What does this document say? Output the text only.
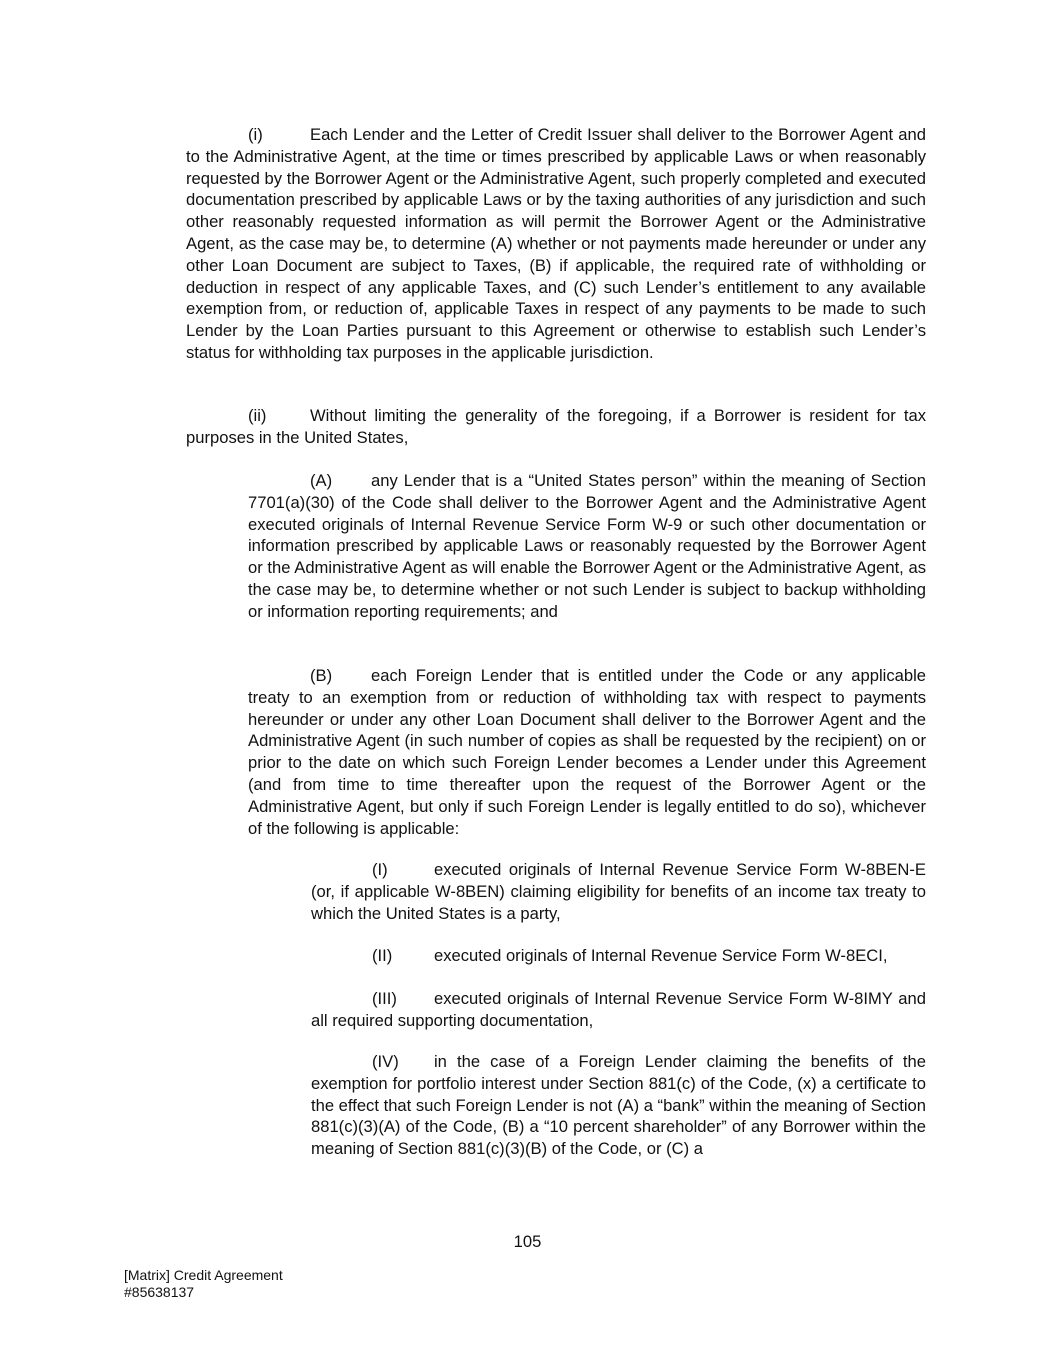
(i)	Each Lender and the Letter of Credit Issuer shall deliver to the Borrower Agent and to the Administrative Agent, at the time or times prescribed by applicable Laws or when reasonably requested by the Borrower Agent or the Administrative Agent, such properly completed and executed documentation prescribed by applicable Laws or by the taxing authorities of any jurisdiction and such other reasonably requested information as will permit the Borrower Agent or the Administrative Agent, as the case may be, to determine (A) whether or not payments made hereunder or under any other Loan Document are subject to Taxes, (B) if applicable, the required rate of withholding or deduction in respect of any applicable Taxes, and (C) such Lender’s entitlement to any available exemption from, or reduction of, applicable Taxes in respect of any payments to be made to such Lender by the Loan Parties pursuant to this Agreement or otherwise to establish such Lender’s status for withholding tax purposes in the applicable jurisdiction.

(ii)	Without limiting the generality of the foregoing, if a Borrower is resident for tax purposes in the United States,

(A) any Lender that is a “United States person” within the meaning of Section 7701(a)(30) of the Code shall deliver to the Borrower Agent and the Administrative Agent executed originals of Internal Revenue Service Form W-9 or such other documentation or information prescribed by applicable Laws or reasonably requested by the Borrower Agent or the Administrative Agent as will enable the Borrower Agent or the Administrative Agent, as the case may be, to determine whether or not such Lender is subject to backup withholding or information reporting requirements; and

(B) each Foreign Lender that is entitled under the Code or any applicable treaty to an exemption from or reduction of withholding tax with respect to payments hereunder or under any other Loan Document shall deliver to the Borrower Agent and the Administrative Agent (in such number of copies as shall be requested by the recipient) on or prior to the date on which such Foreign Lender becomes a Lender under this Agreement (and from time to time thereafter upon the request of the Borrower Agent or the Administrative Agent, but only if such Foreign Lender is legally entitled to do so), whichever of the following is applicable:

(I)	executed originals of Internal Revenue Service Form W-8BEN-E (or, if applicable W-8BEN) claiming eligibility for benefits of an income tax treaty to which the United States is a party,

(II)	executed originals of Internal Revenue Service Form W-8ECI,

(III) executed originals of Internal Revenue Service Form W-8IMY and all required supporting documentation,

(IV) in the case of a Foreign Lender claiming the benefits of the exemption for portfolio interest under Section 881(c) of the Code, (x) a certificate to the effect that such Foreign Lender is not (A) a “bank” within the meaning of Section 881(c)(3)(A) of the Code, (B) a “10 percent shareholder” of any Borrower within the meaning of Section 881(c)(3)(B) of the Code, or (C) a

105
[Matrix] Credit Agreement
#85638137
